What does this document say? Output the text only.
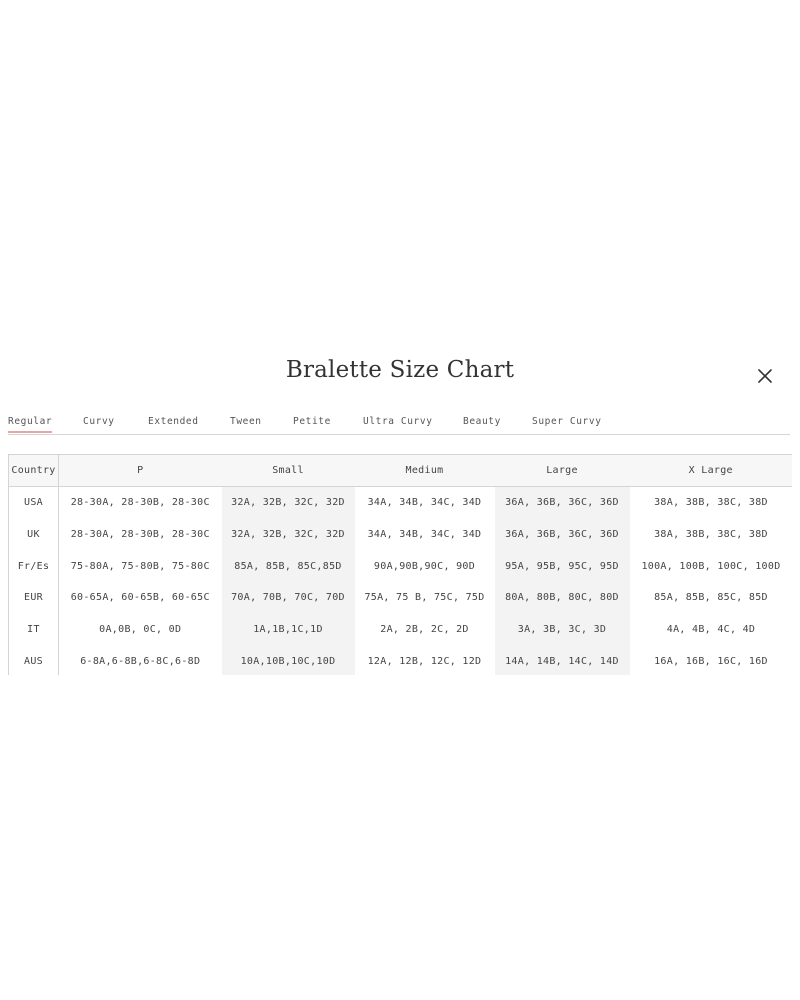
Bralette Size Chart
Regular	Curvy	Extended	Tween	Petite	Ultra Curvy	Beauty	Super Curvy
Country	P	Small	Medium	Large	X Large
USA	28-30A, 28-30B, 28-30C	32A, 32B, 32C, 32D	34A, 34B, 34C, 34D	36A, 36B, 36C, 36D	38A, 38B, 38C, 38D
UK	28-30A, 28-30B, 28-30C	32A, 32B, 32C, 32D	34A, 34B, 34C, 34D	36A, 36B, 36C, 36D	38A, 38B, 38C, 38D
Fr/Es	75-80A, 75-80B, 75-80C	85A, 85B, 85C,85D	90A,90B,90C, 90D	95A, 95B, 95C, 95D	100A, 100B, 100C, 100D
EUR	60-65A, 60-65B, 60-65C	70A, 70B, 70C, 70D	75A, 75 B, 75C, 75D	80A, 80B, 80C, 80D	85A, 85B, 85C, 85D
IT	0A,0B, 0C, 0D	1A,1B,1C,1D	2A, 2B, 2C, 2D	3A, 3B, 3C, 3D	4A, 4B, 4C, 4D
AUS	6-8A,6-8B,6-8C,6-8D	10A,10B,10C,10D	12A, 12B, 12C, 12D	14A, 14B, 14C, 14D	16A, 16B, 16C, 16D
